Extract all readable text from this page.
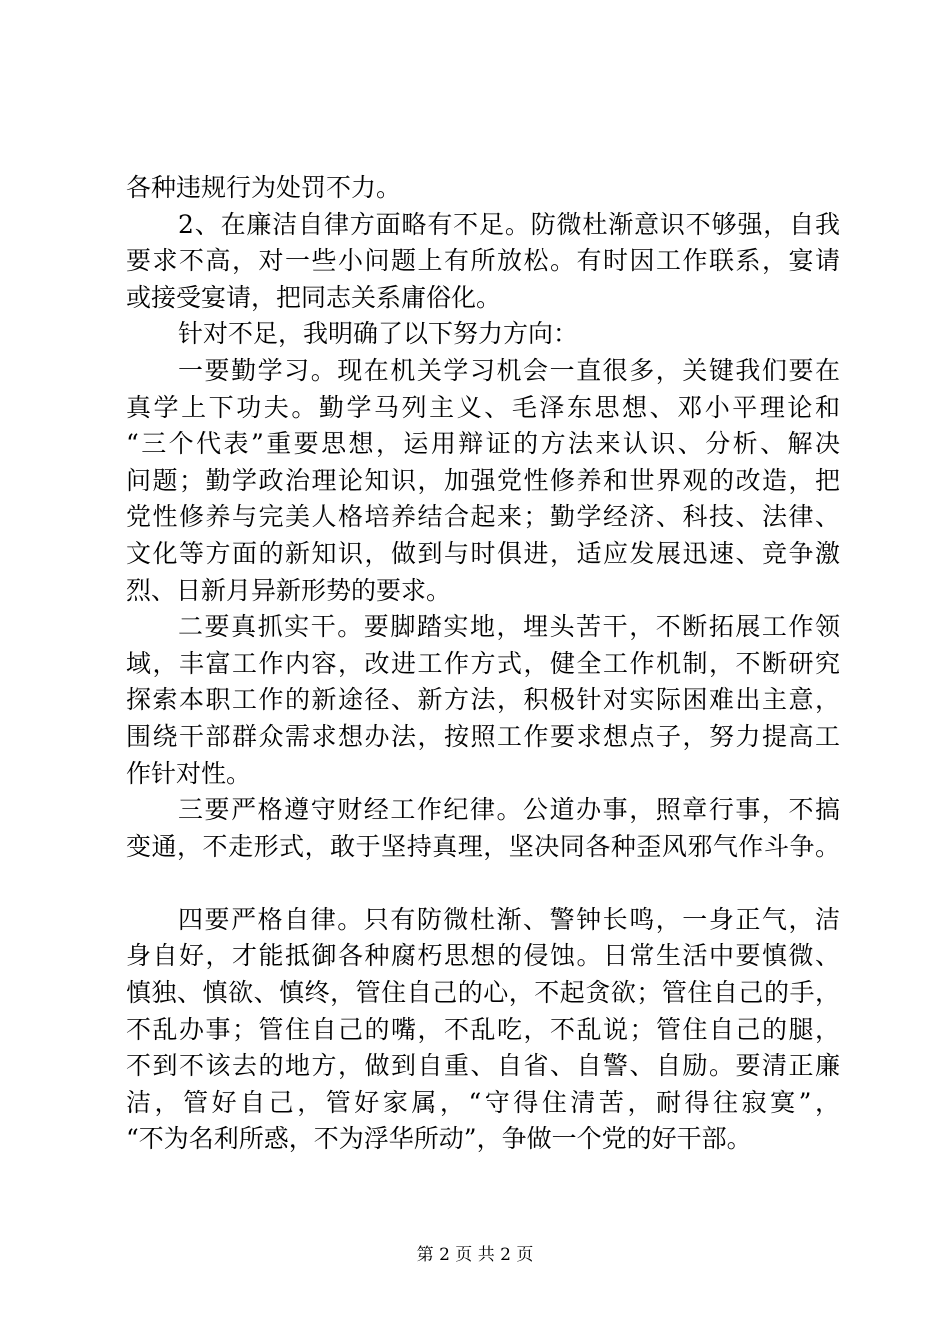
各种违规行为处罚不力。
2、在廉洁自律方面略有不足。防微杜渐意识不够强，自我
要求不高，对一些小问题上有所放松。有时因工作联系，宴请
或接受宴请，把同志关系庸俗化。
针对不足，我明确了以下努力方向：
一要勤学习。现在机关学习机会一直很多，关键我们要在
真学上下功夫。勤学马列主义、毛泽东思想、邓小平理论和
“三个代表”重要思想，运用辩证的方法来认识、分析、解决
问题；勤学政治理论知识，加强党性修养和世界观的改造，把
党性修养与完美人格培养结合起来；勤学经济、科技、法律、
文化等方面的新知识，做到与时俱进，适应发展迅速、竞争激
烈、日新月异新形势的要求。
二要真抓实干。要脚踏实地，埋头苦干，不断拓展工作领
域，丰富工作内容，改进工作方式，健全工作机制，不断研究
探索本职工作的新途径、新方法，积极针对实际困难出主意，
围绕干部群众需求想办法，按照工作要求想点子，努力提高工
作针对性。
三要严格遵守财经工作纪律。公道办事，照章行事，不搞
变通，不走形式，敢于坚持真理，坚决同各种歪风邪气作斗争。
四要严格自律。只有防微杜渐、警钟长鸣，一身正气，洁
身自好，才能抵御各种腐朽思想的侵蚀。日常生活中要慎微、
慎独、慎欲、慎终，管住自己的心，不起贪欲；管住自己的手，
不乱办事；管住自己的嘴，不乱吃，不乱说；管住自己的腿，
不到不该去的地方，做到自重、自省、自警、自励。要清正廉
洁，管好自己，管好家属，“守得住清苦，耐得往寂寞”，
“不为名利所惑，不为浮华所动”，争做一个党的好干部。
第 2 页 共 2 页
